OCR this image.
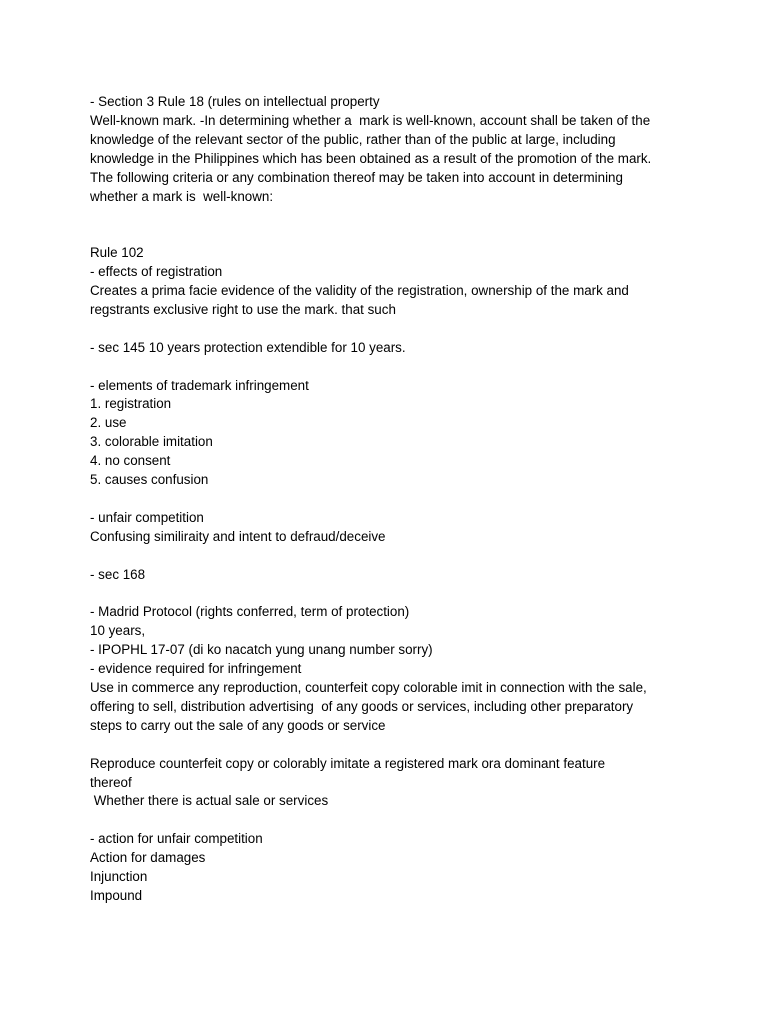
- Section 3 Rule 18 (rules on intellectual property
Well-known mark. -In determining whether a  mark is well-known, account shall be taken of the
knowledge of the relevant sector of the public, rather than of the public at large, including
knowledge in the Philippines which has been obtained as a result of the promotion of the mark.
The following criteria or any combination thereof may be taken into account in determining
whether a mark is  well-known:
Rule 102
- effects of registration
Creates a prima facie evidence of the validity of the registration, ownership of the mark and
regstrants exclusive right to use the mark. that such
- sec 145 10 years protection extendible for 10 years.
- elements of trademark infringement
1. registration
2. use
3. colorable imitation
4. no consent
5. causes confusion
- unfair competition
Confusing similiraity and intent to defraud/deceive
- sec 168
- Madrid Protocol (rights conferred, term of protection)
10 years,
- IPOPHL 17-07 (di ko nacatch yung unang number sorry)
- evidence required for infringement
Use in commerce any reproduction, counterfeit copy colorable imit in connection with the sale,
offering to sell, distribution advertising  of any goods or services, including other preparatory
steps to carry out the sale of any goods or service
Reproduce counterfeit copy or colorably imitate a registered mark ora dominant feature
thereof
Whether there is actual sale or services
- action for unfair competition
Action for damages
Injunction
Impound
